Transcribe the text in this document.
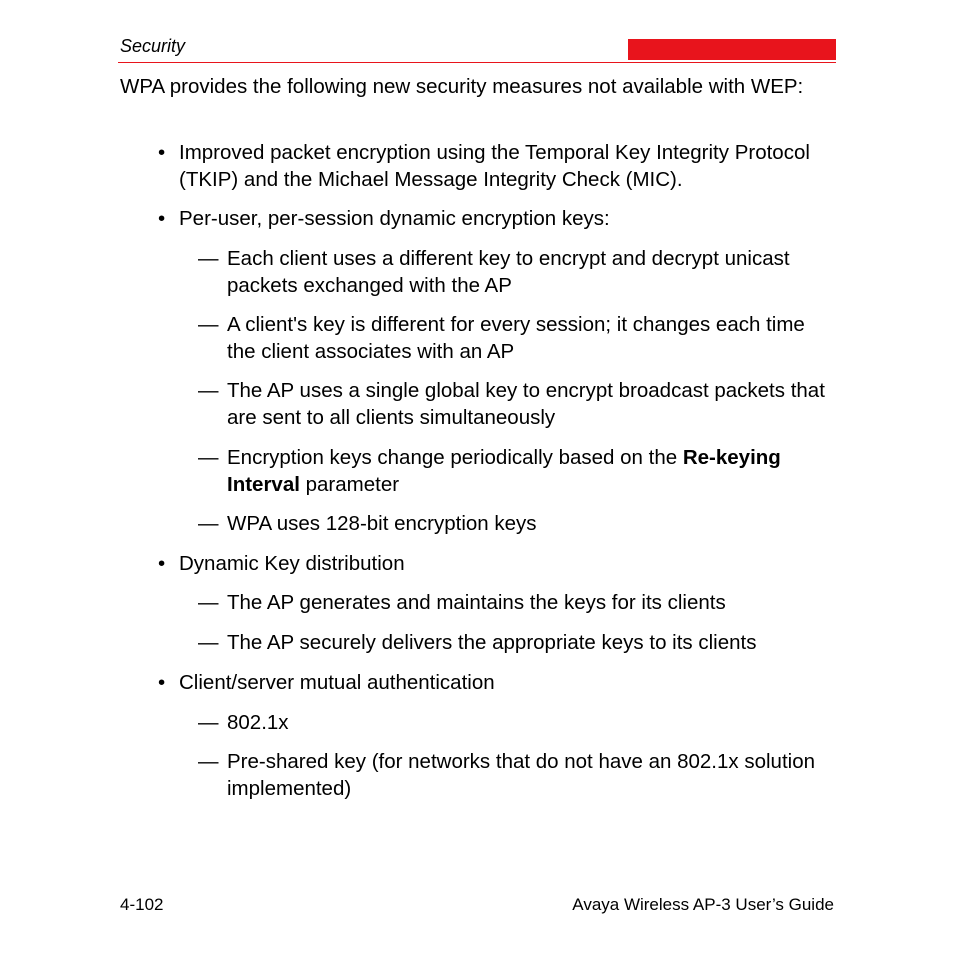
Security

WPA provides the following new security measures not available with WEP:

• Improved packet encryption using the Temporal Key Integrity Protocol (TKIP) and the Michael Message Integrity Check (MIC).
• Per-user, per-session dynamic encryption keys:
— Each client uses a different key to encrypt and decrypt unicast packets exchanged with the AP
— A client's key is different for every session; it changes each time the client associates with an AP
— The AP uses a single global key to encrypt broadcast packets that are sent to all clients simultaneously
— Encryption keys change periodically based on the Re-keying Interval parameter
— WPA uses 128-bit encryption keys
• Dynamic Key distribution
— The AP generates and maintains the keys for its clients
— The AP securely delivers the appropriate keys to its clients
• Client/server mutual authentication
— 802.1x
— Pre-shared key (for networks that do not have an 802.1x solution implemented)
4-102	Avaya Wireless AP-3 User’s Guide
